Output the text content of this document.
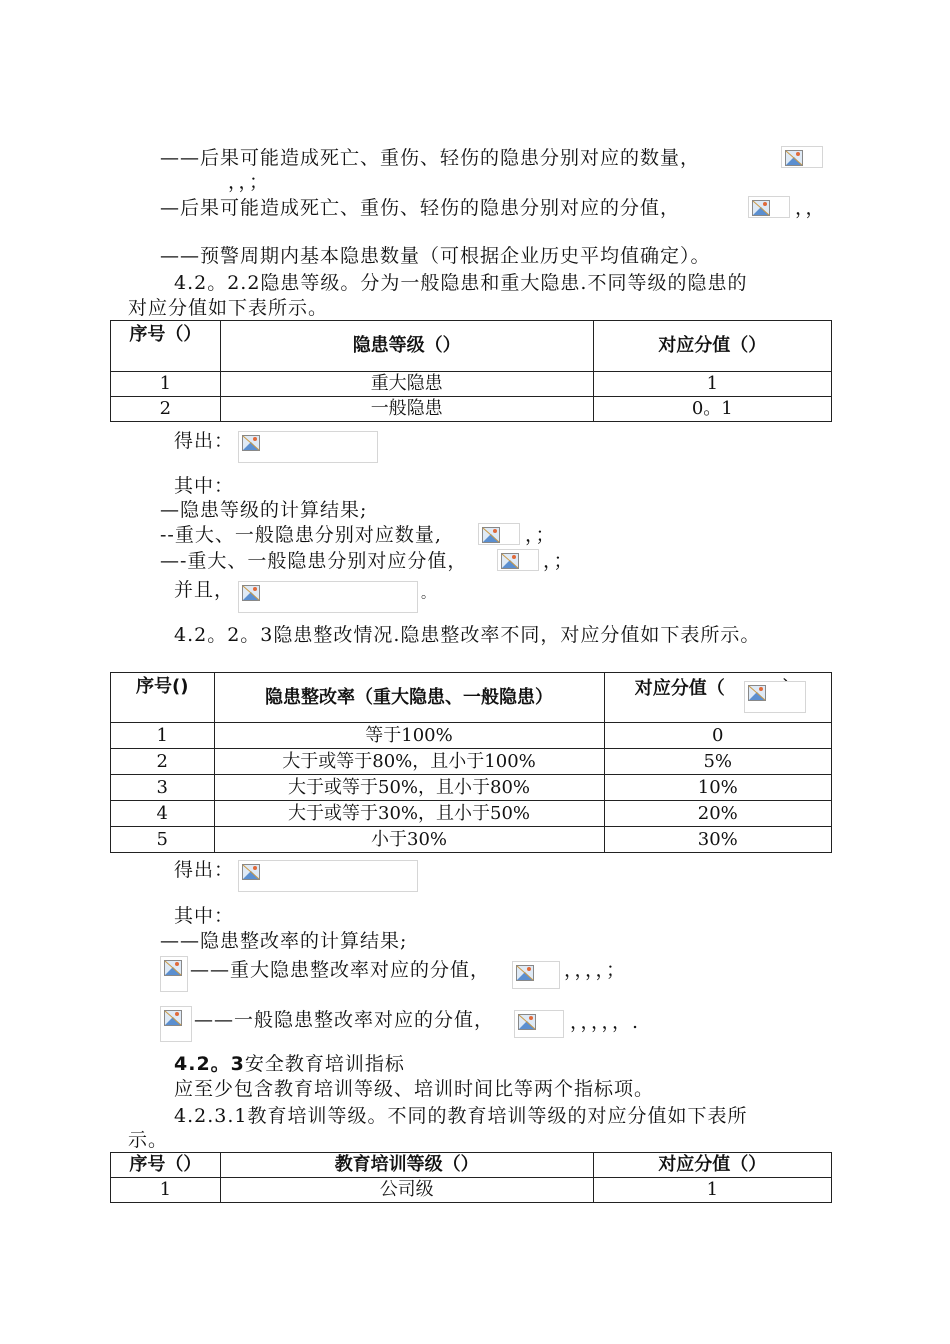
——后果可能造成死亡、重伤、轻伤的隐患分别对应的数量，
，，；
—后果可能造成死亡、重伤、轻伤的隐患分别对应的分值，	，，
——预警周期内基本隐患数量（可根据企业历史平均值确定）。
4.2。2.2隐患等级。分为一般隐患和重大隐患.不同等级的隐患的
对应分值如下表所示。
序号（）	隐患等级（）	对应分值（）
1	重大隐患	1
2	一般隐患	0。1
得出：
其中：
—隐患等级的计算结果;
--重大、一般隐患分别对应数量,	，；
—-重大、一般隐患分别对应分值，	，；
并且，	。
4.2。2。3隐患整改情况.隐患整改率不同，对应分值如下表所示。
序号()	隐患整改率（重大隐患、一般隐患）	对应分值（

1	等于100%	0
2	大于或等于80%，且小于100%	5%
3	大于或等于50%，且小于80%	10%
4	大于或等于30%，且小于50%	20%
5	小于30%	30%
得出：
其中：
——隐患整改率的计算结果;
——重大隐患整改率对应的分值，	，，，，；
——一般隐患整改率对应的分值，	，，，，，.
4.2。3安全教育培训指标
应至少包含教育培训等级、培训时间比等两个指标项。
4.2.3.1教育培训等级。不同的教育培训等级的对应分值如下表所
示。
序号（）	教育培训等级（）	对应分值（）
1	公司级	1
